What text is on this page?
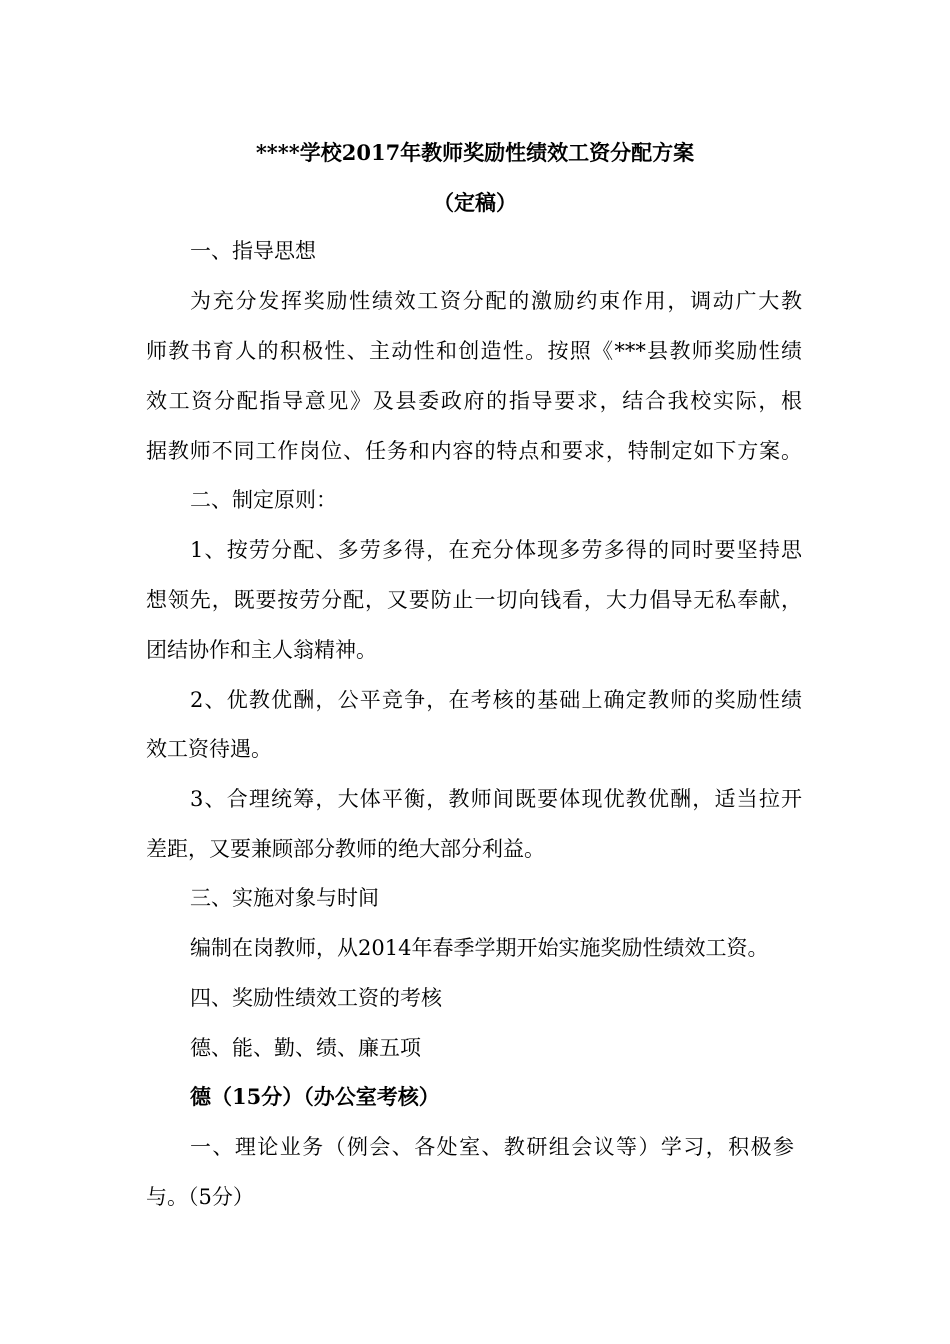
****学校2017年教师奖励性绩效工资分配方案
（定稿）
一、指导思想
为充分发挥奖励性绩效工资分配的激励约束作用，调动广大教
师教书育人的积极性、主动性和创造性。按照《***县教师奖励性绩
效工资分配指导意见》及县委政府的指导要求，结合我校实际，根
据教师不同工作岗位、任务和内容的特点和要求，特制定如下方案。
二、制定原则：
1、按劳分配、多劳多得，在充分体现多劳多得的同时要坚持思
想领先，既要按劳分配，又要防止一切向钱看，大力倡导无私奉献，
团结协作和主人翁精神。
2、优教优酬，公平竞争，在考核的基础上确定教师的奖励性绩
效工资待遇。
3、合理统筹，大体平衡，教师间既要体现优教优酬，适当拉开
差距，又要兼顾部分教师的绝大部分利益。
三、实施对象与时间
编制在岗教师，从2014年春季学期开始实施奖励性绩效工资。
四、奖励性绩效工资的考核
德、能、勤、绩、廉五项
德（15分）（办公室考核）
一、理论业务（例会、各处室、教研组会议等）学习，积极参
与。（5分）
